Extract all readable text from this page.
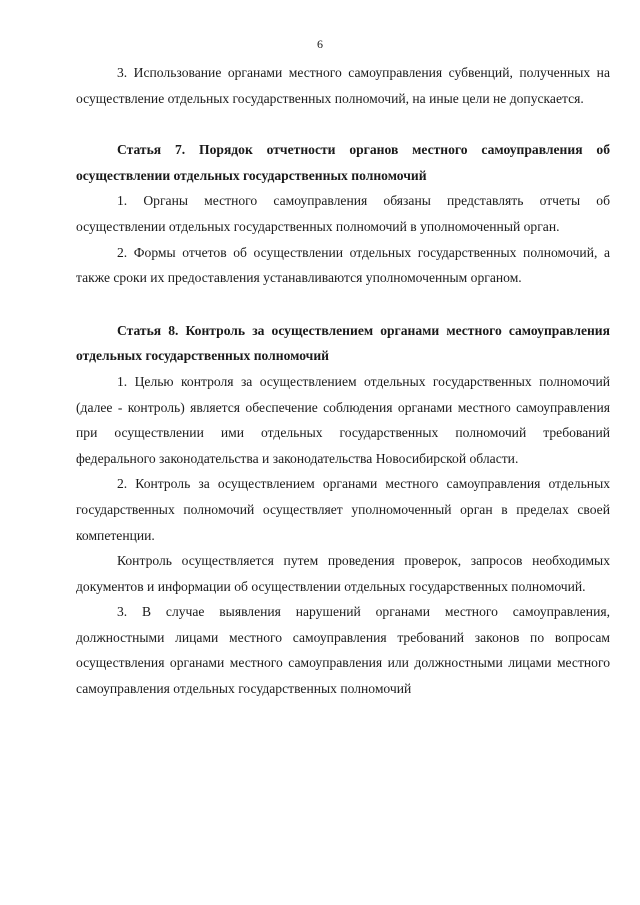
6

3. Использование органами местного самоуправления субвенций, полученных на осуществление отдельных государственных полномочий, на иные цели не допускается.

Статья 7. Порядок отчетности органов местного самоуправления об осуществлении отдельных государственных полномочий

1. Органы местного самоуправления обязаны представлять отчеты об осуществлении отдельных государственных полномочий в уполномоченный орган.

2. Формы отчетов об осуществлении отдельных государственных полномочий, а также сроки их предоставления устанавливаются уполномоченным органом.

Статья 8. Контроль за осуществлением органами местного самоуправления отдельных государственных полномочий

1. Целью контроля за осуществлением отдельных государственных полномочий (далее - контроль) является обеспечение соблюдения органами местного самоуправления при осуществлении ими отдельных государственных полномочий требований федерального законодательства и законодательства Новосибирской области.

2. Контроль за осуществлением органами местного самоуправления отдельных государственных полномочий осуществляет уполномоченный орган в пределах своей компетенции.

Контроль осуществляется путем проведения проверок, запросов необходимых документов и информации об осуществлении отдельных государственных полномочий.

3. В случае выявления нарушений органами местного самоуправления, должностными лицами местного самоуправления требований законов по вопросам осуществления органами местного самоуправления или должностными лицами местного самоуправления отдельных государственных полномочий
